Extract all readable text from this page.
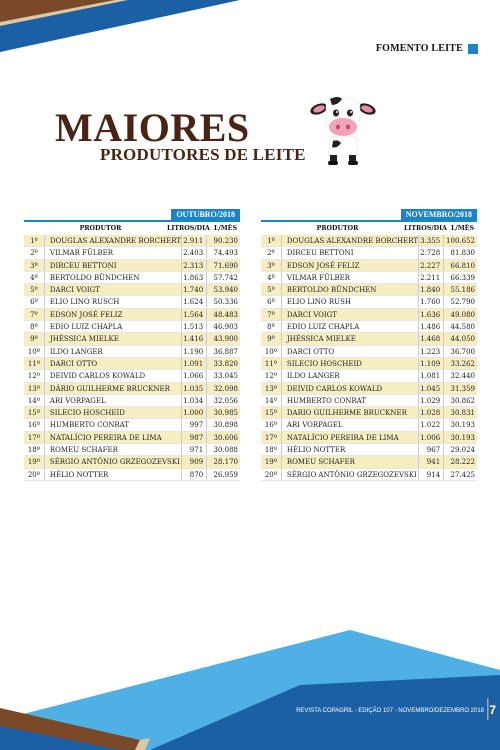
FOMENTO LEITE
MAIORES
PRODUTORES DE LEITE
OUTUBRO/2018
PRODUTOR	LITROS/DIA L/MÊS
1º	DOUGLAS ALEXANDRE BORCHERT 2.911	90.230
2º	VILMAR FÜLBER	2.403	74.493
3º	DIRCEU BETTONI	2.313	71.690
4º	BERTOLDO BÜNDCHEN	1.863	57.742
5º	DARCI VOIGT	1.740	53.940
6º	ELIO LINO RUSCH	1.624	50.336
7º	EDSON JOSÉ FELIZ	1.564	48.483
8º	EDIO LUIZ CHAPLA	1.513	46.903
9º	JHÉSSICA MIELKE	1.416	43.900
10º	ILDO LANGER	1.190	36.887
11º	DARCI OTTO	1.091	33.820
12º	DEIVID CARLOS KOWALD	1.066	33.045
13º	DÁRIO GUILHERME BRUCKNER	1.035	32.098
14º	ARI VORPAGEL	1.034	32.056
15º	SILECIO HOSCHEID	1.000	30.985
16º	HUMBERTO CONRAT	997	30.898
17º	NATALÍCIO PEREIRA DE LIMA	987	30.606
18º	ROMEU SCHAFER	971	30.088
19º	SÉRGIO ANTÔNIO GRZEGOZEVSKI	909	28.170
20º	HÉLIO NOTTER	870	26.959
NOVEMBRO/2018
PRODUTOR	LITROS/DIA L/MÊS
1º	DOUGLAS ALEXANDRE BORCHERT 3.355 100.652
2º	DIRCEU BETTONI	2.728	81.830
3º	EDSON JOSÉ FELIZ	2.227	66.810
4º	VILMAR FÜLBER	2.211	66.339
5º	BERTOLDO BÜNDCHEN	1.840	55.186
6º	ELIO LINO RUSH	1.760	52.790
7º	DARCI VOIGT	1.636	49.080
8º	EDIO LUIZ CHAPLA	1.486	44.580
9º	JHÉSSICA MIELKE	1.468	44.050
10º	DARCI OTTO	1.223	36.700
11º	SILECIO HOSCHEID	1.109	33.262
12º	ILDO LANGER	1.081	32.440
13º	DEIVID CARLOS KOWALD	1.045	31.359
14º	HUMBERTO CONRAT	1.029	30.862
15º	DARIO GUILHERME BRUCKNER	1.028	30.831
16º	ARI VORPAGEL	1.022	30.193
17º	NATALÍCIO PEREIRA DE LIMA	1.006	30.193
18º	HÉLIO NOTTER	967	29.024
19º	ROMEU SCHAFER	941	28.222
20º	SÉRGIO ANTÔNIO GRZEGOZEVSKI	914	27.425
REVISTA COPAGRIL - EDIÇÃO 107 - NOVEMBRO/DEZEMBRO 2018 7
